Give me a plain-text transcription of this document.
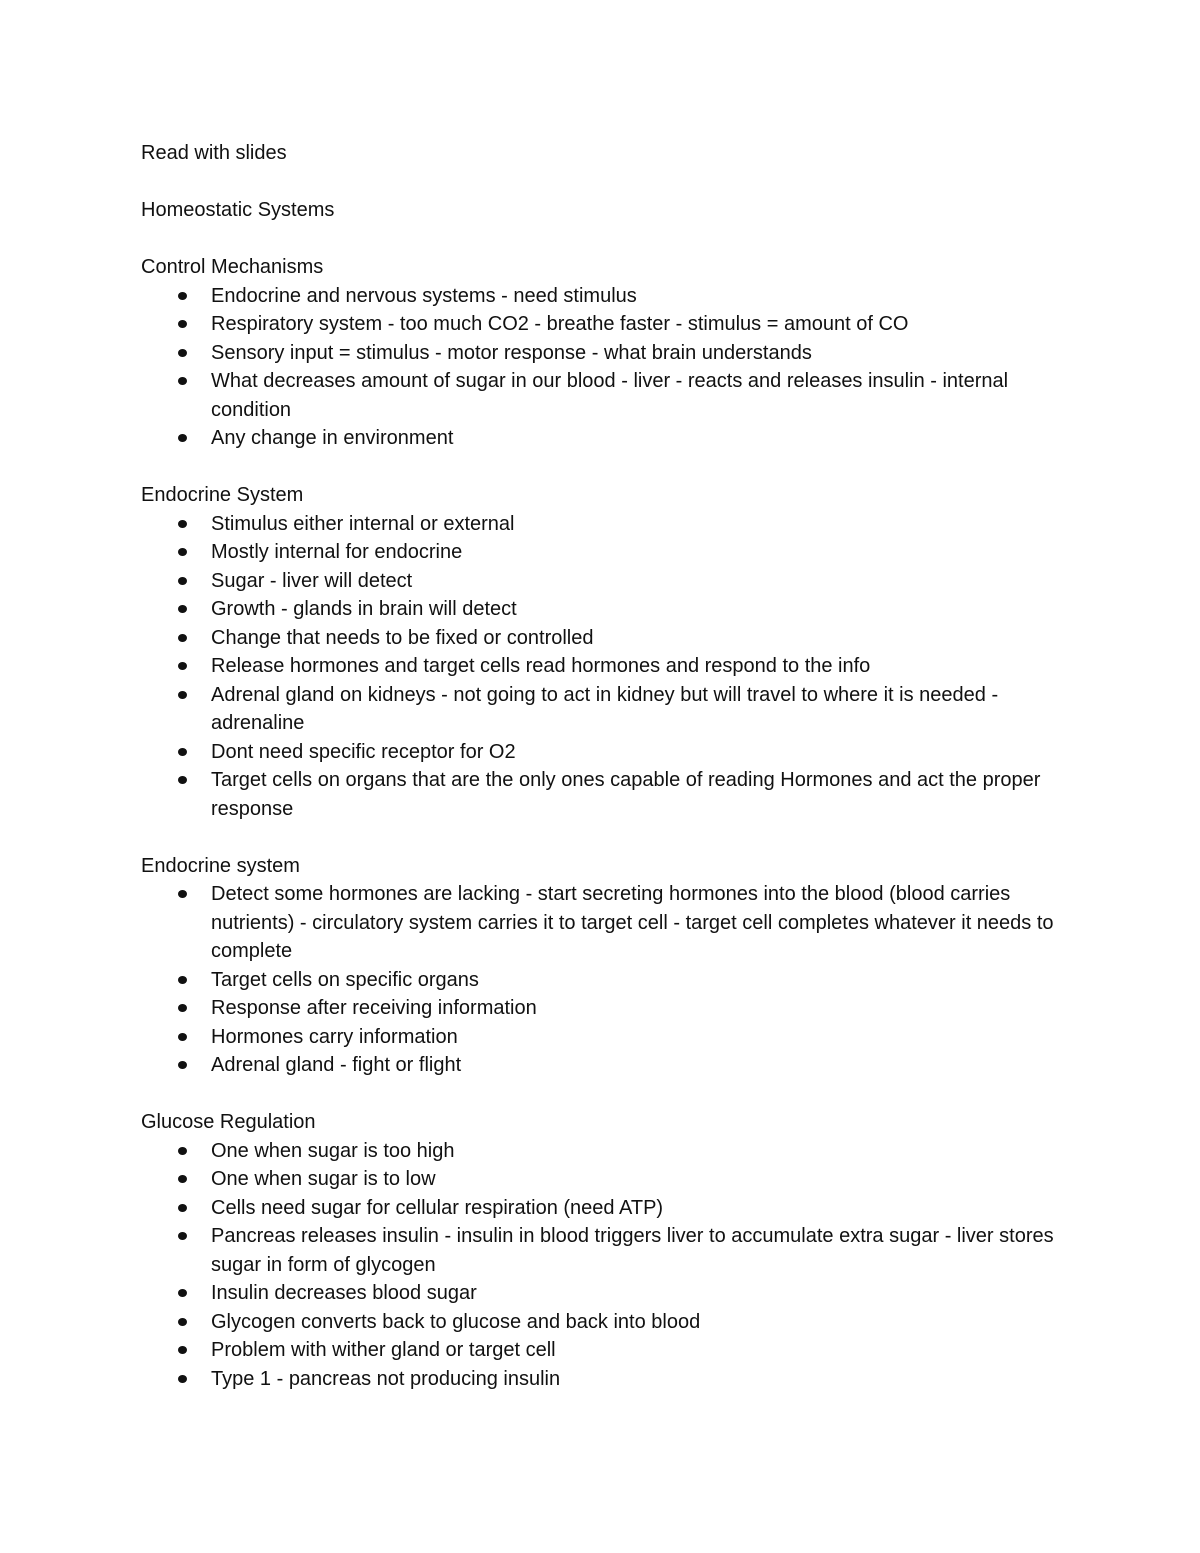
Read with slides

Homeostatic Systems

Control Mechanisms

Endocrine and nervous systems - need stimulus
Respiratory system - too much CO2 - breathe faster - stimulus = amount of CO
Sensory input = stimulus - motor response - what brain understands
What decreases amount of sugar in our blood - liver - reacts and releases insulin - internal condition
Any change in environment

Endocrine System

Stimulus either internal or external
Mostly internal for endocrine
Sugar - liver will detect
Growth - glands in brain will detect
Change that needs to be fixed or controlled
Release hormones and target cells read hormones and respond to the info
Adrenal gland on kidneys - not going to act in kidney but will travel to where it is needed - adrenaline
Dont need specific receptor for O2
Target cells on organs that are the only ones capable of reading Hormones and act the proper response

Endocrine system

Detect some hormones are lacking - start secreting hormones into the blood (blood carries nutrients) - circulatory system carries it to target cell - target cell completes whatever it needs to complete
Target cells on specific organs
Response after receiving information
Hormones carry information
Adrenal gland - fight or flight

Glucose Regulation

One when sugar is too high
One when sugar is to low
Cells need sugar for cellular respiration (need ATP)
Pancreas releases insulin - insulin in blood triggers liver to accumulate extra sugar - liver stores sugar in form of glycogen
Insulin decreases blood sugar
Glycogen converts back to glucose and back into blood
Problem with wither gland or target cell
Type 1 - pancreas not producing insulin
